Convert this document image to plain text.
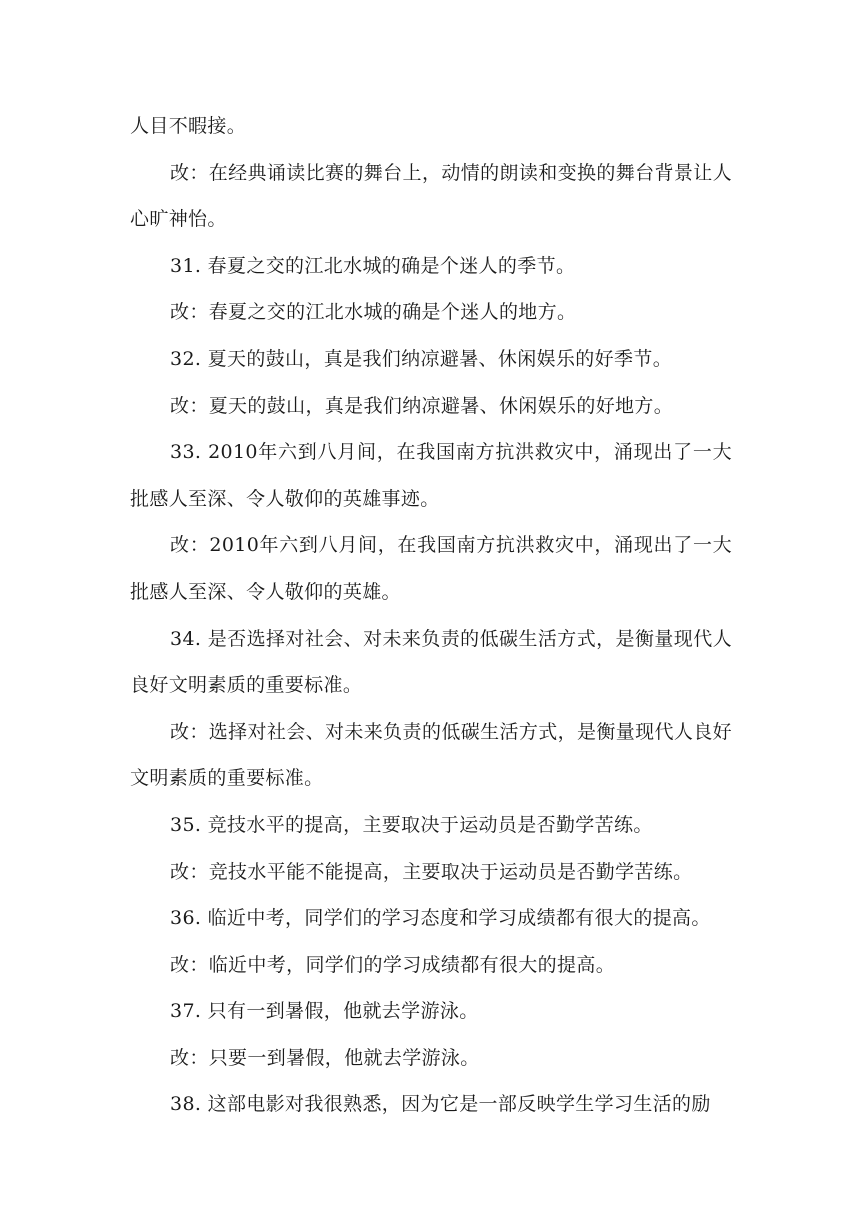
人目不暇接。

改：在经典诵读比赛的舞台上，动情的朗读和变换的舞台背景让人心旷神怡。

31. 春夏之交的江北水城的确是个迷人的季节。

改：春夏之交的江北水城的确是个迷人的地方。

32. 夏天的鼓山，真是我们纳凉避暑、休闲娱乐的好季节。

改：夏天的鼓山，真是我们纳凉避暑、休闲娱乐的好地方。

33. 2010年六到八月间，在我国南方抗洪救灾中，涌现出了一大批感人至深、令人敬仰的英雄事迹。

改：2010年六到八月间，在我国南方抗洪救灾中，涌现出了一大批感人至深、令人敬仰的英雄。

34. 是否选择对社会、对未来负责的低碳生活方式，是衡量现代人良好文明素质的重要标准。

改：选择对社会、对未来负责的低碳生活方式，是衡量现代人良好文明素质的重要标准。

35. 竞技水平的提高，主要取决于运动员是否勤学苦练。

改：竞技水平能不能提高，主要取决于运动员是否勤学苦练。

36. 临近中考，同学们的学习态度和学习成绩都有很大的提高。

改：临近中考，同学们的学习成绩都有很大的提高。

37. 只有一到暑假，他就去学游泳。

改：只要一到暑假，他就去学游泳。

38. 这部电影对我很熟悉，因为它是一部反映学生学习生活的励
